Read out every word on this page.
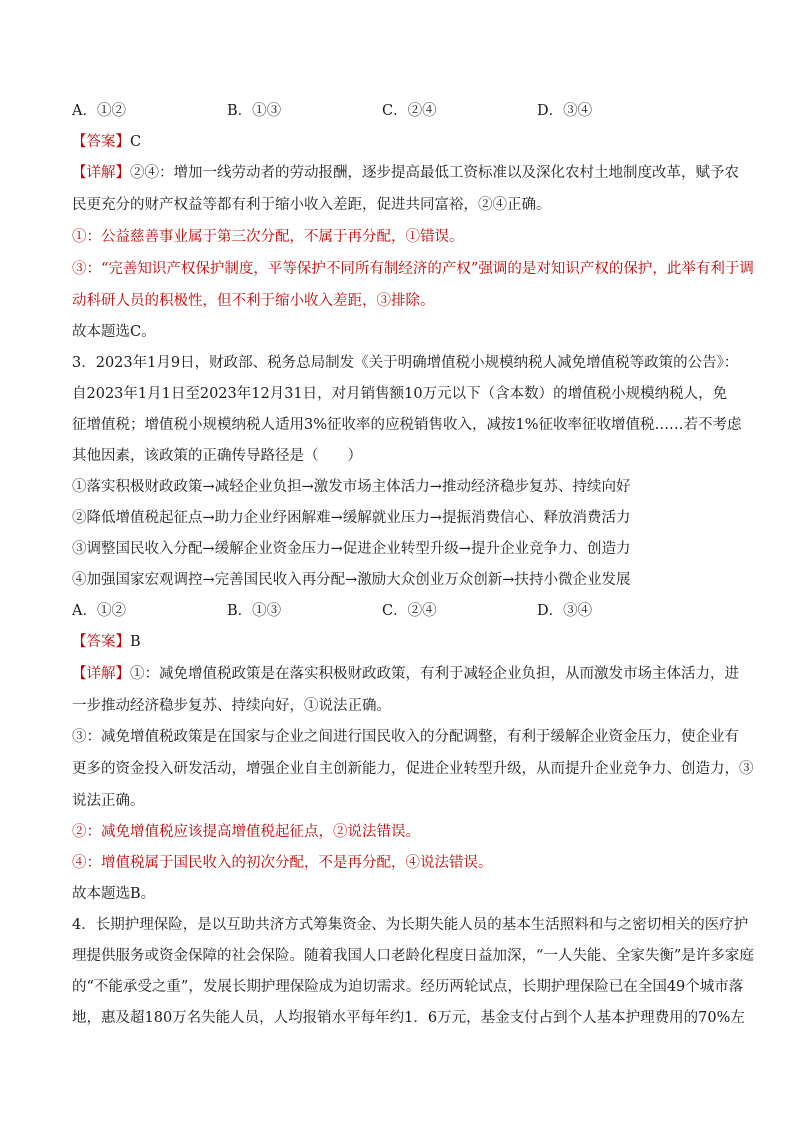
A．①②	B．①③	C．②④	D．③④
【答案】C
【详解】②④：增加一线劳动者的劳动报酬，逐步提高最低工资标准以及深化农村土地制度改革，赋予农
民更充分的财产权益等都有利于缩小收入差距，促进共同富裕，②④正确。
①：公益慈善事业属于第三次分配，不属于再分配，①错误。
③：“完善知识产权保护制度，平等保护不同所有制经济的产权”强调的是对知识产权的保护，此举有利于调
动科研人员的积极性，但不利于缩小收入差距，③排除。
故本题选C。
3．2023年1月9日，财政部、税务总局制发《关于明确增值税小规模纳税人减免增值税等政策的公告》：
自2023年1月1日至2023年12月31日，对月销售额10万元以下（含本数）的增值税小规模纳税人，免
征增值税；增值税小规模纳税人适用3%征收率的应税销售收入，减按1%征收率征收增值税……若不考虑
其他因素，该政策的正确传导路径是（　　）
①落实积极财政政策→减轻企业负担→激发市场主体活力→推动经济稳步复苏、持续向好
②降低增值税起征点→助力企业纾困解难→缓解就业压力→提振消费信心、释放消费活力
③调整国民收入分配→缓解企业资金压力→促进企业转型升级→提升企业竞争力、创造力
④加强国家宏观调控→完善国民收入再分配→激励大众创业万众创新→扶持小微企业发展
A．①②	B．①③	C．②④	D．③④
【答案】B
【详解】①：减免增值税政策是在落实积极财政政策，有利于减轻企业负担，从而激发市场主体活力，进
一步推动经济稳步复苏、持续向好，①说法正确。
③：减免增值税政策是在国家与企业之间进行国民收入的分配调整，有利于缓解企业资金压力，使企业有
更多的资金投入研发活动，增强企业自主创新能力，促进企业转型升级，从而提升企业竞争力、创造力，③
说法正确。
②：减免增值税应该提高增值税起征点，②说法错误。
④：增值税属于国民收入的初次分配，不是再分配，④说法错误。
故本题选B。
4．长期护理保险，是以互助共济方式筹集资金、为长期失能人员的基本生活照料和与之密切相关的医疗护
理提供服务或资金保障的社会保险。随着我国人口老龄化程度日益加深，“一人失能、全家失衡”是许多家庭
的“不能承受之重”，发展长期护理保险成为迫切需求。经历两轮试点，长期护理保险已在全国49个城市落
地，惠及超180万名失能人员，人均报销水平每年约1．6万元，基金支付占到个人基本护理费用的70%左
